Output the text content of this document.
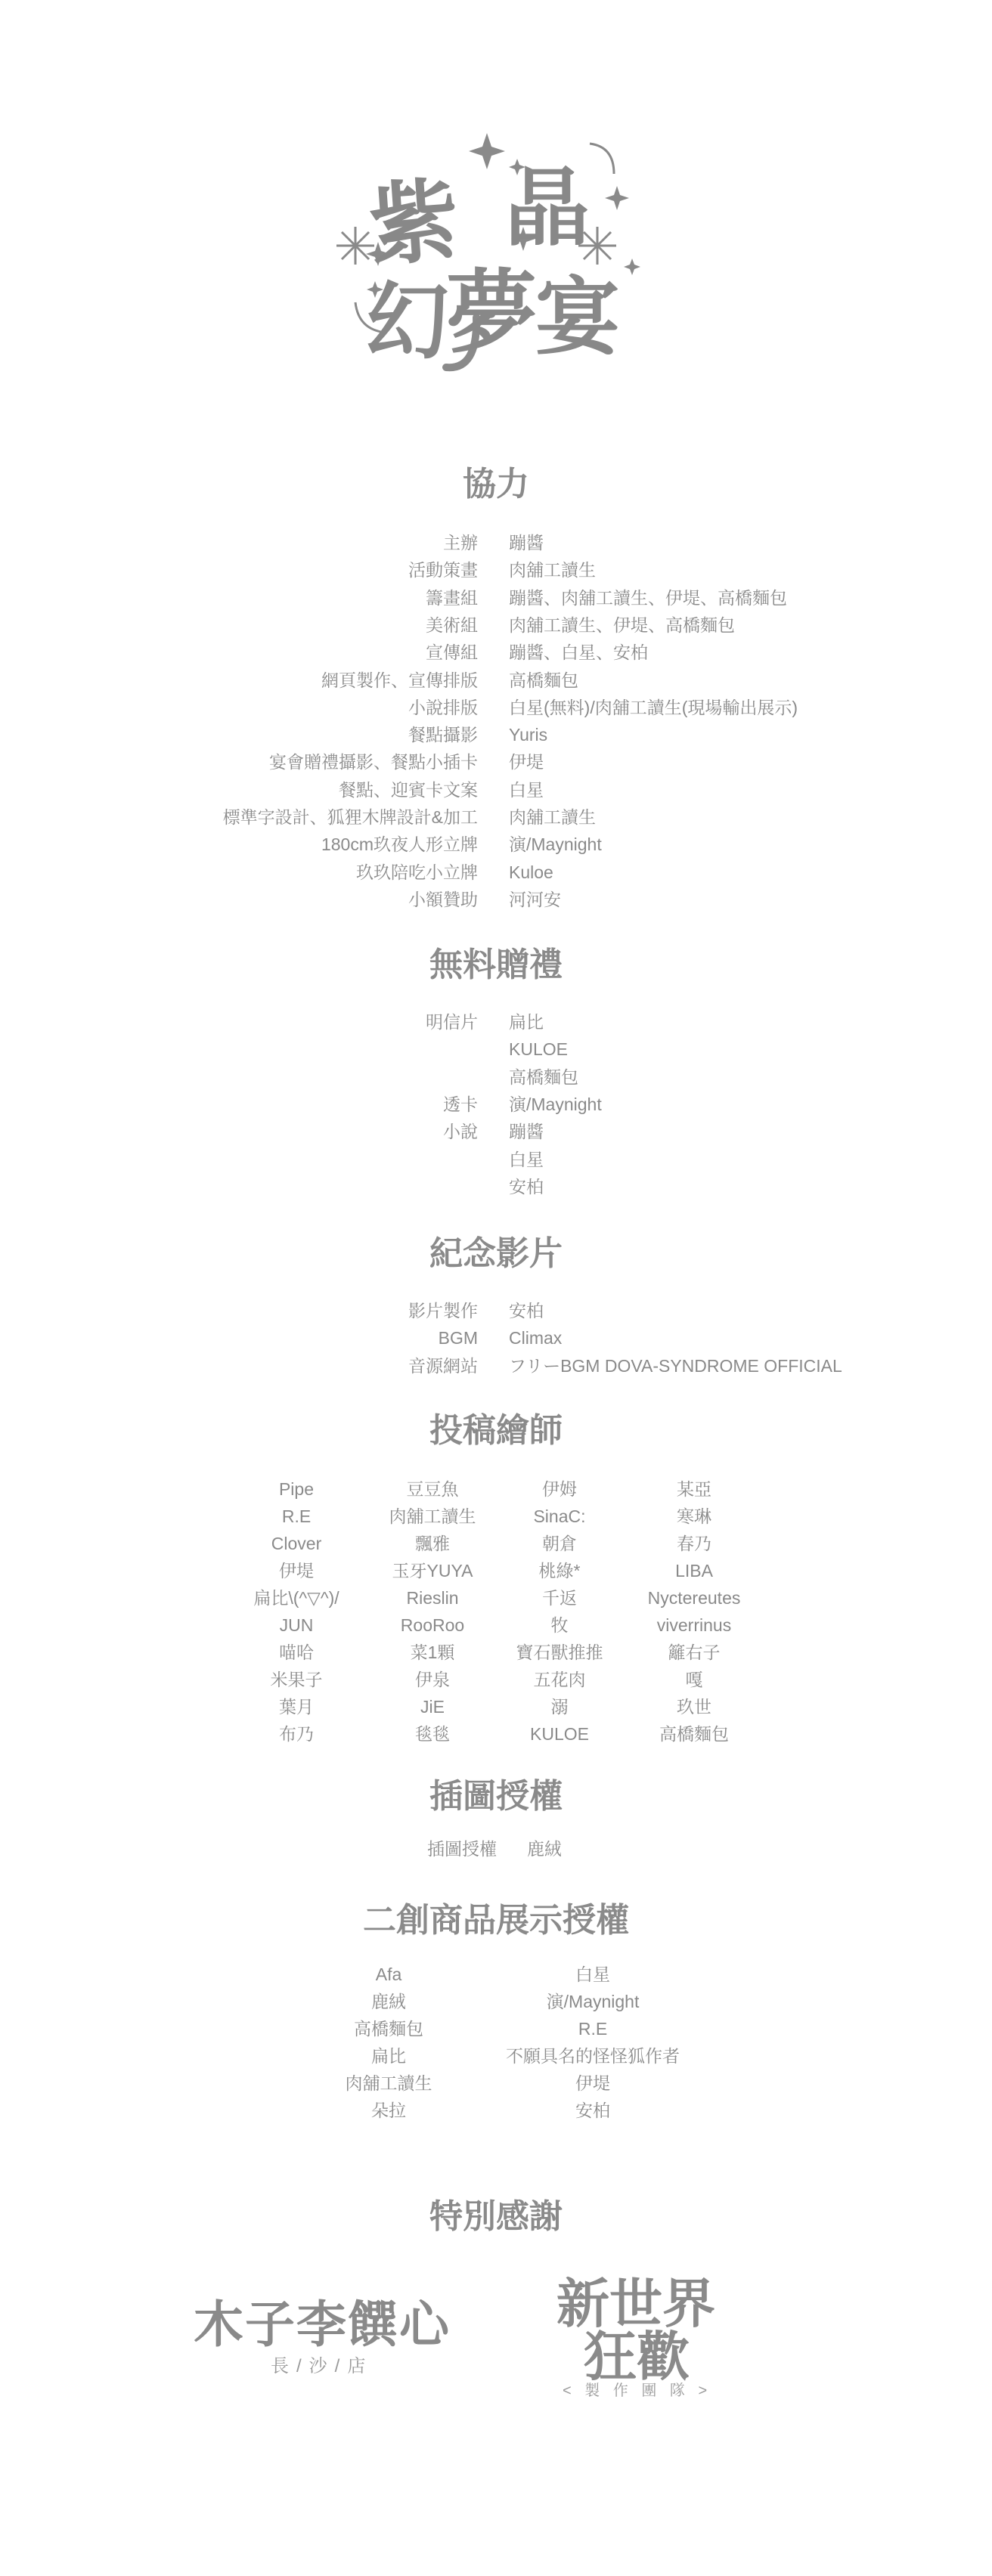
紫 晶
幻
夢
宴
協力
主辦 蹦醬
活動策畫 肉舖工讀生
籌畫組 蹦醬、肉舖工讀生、伊堤、高橋麵包
美術組 肉舖工讀生、伊堤、高橋麵包
宣傳組 蹦醬、白星、安柏
網頁製作、宣傳排版 高橋麵包
小說排版 白星(無料)/肉舖工讀生(現場輸出展示)
餐點攝影 Yuris
宴會贈禮攝影、餐點小插卡 伊堤
餐點、迎賓卡文案 白星
標準字設計、狐狸木牌設計&加工 肉舖工讀生
180cm玖夜人形立牌 演/Maynight
玖玖陪吃小立牌 Kuloe
小額贊助 河河安
無料贈禮
明信片 扁比
KULOE
高橋麵包
透卡 演/Maynight
小說 蹦醬
白星
安柏
紀念影片
影片製作 安柏
BGM Climax
音源網站 フリーBGM DOVA-SYNDROME OFFICIAL
投稿繪師
Pipe
R.E
Clover
伊堤
扁比\(^▽^)/
JUN
喵哈
米果子
葉月
布乃
豆豆魚
肉舖工讀生
飄雅
玉牙YUYA
Rieslin
RooRoo
菜1顆
伊泉
JiE
毯毯
伊姆
SinaC:
朝倉
桃綠*
千返
牧
寶石獸推推
五花肉
溺
KULOE
某亞
寒琳
春乃
LIBA
Nyctereutes
viverrinus
籬右子
嘎
玖世
高橋麵包
插圖授權
插圖授權 鹿絨
二創商品展示授權
Afa
鹿絨
高橋麵包
扁比
肉舖工讀生
朵拉
白星
演/Maynight
R.E
不願具名的怪怪狐作者
伊堤
安柏
特別感謝
木子李饌心
長/沙/店
新世界
狂歡
< 製 作 團 隊 >
